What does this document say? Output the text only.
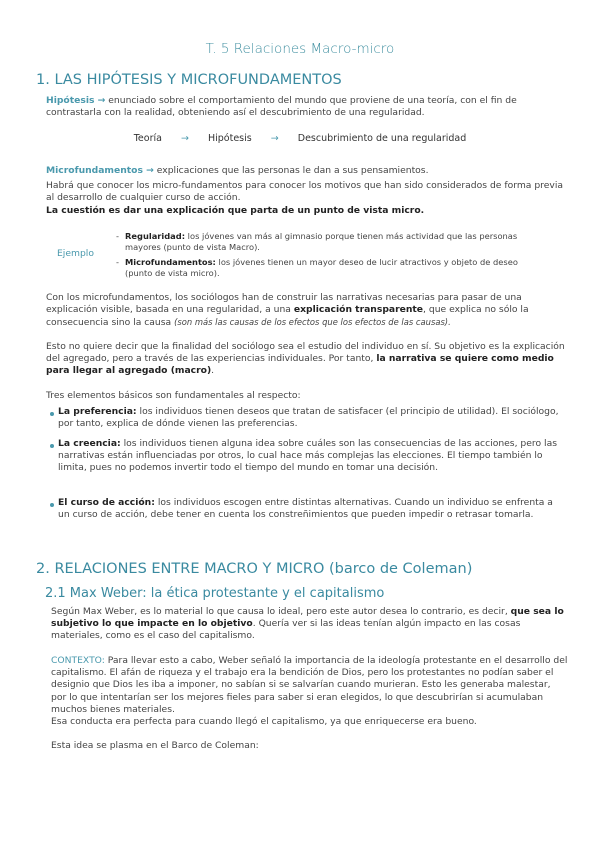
T. 5 Relaciones Macro-micro
1. LAS HIPÓTESIS Y MICROFUNDAMENTOS
Hipótesis → enunciado sobre el comportamiento del mundo que proviene de una teoría, con el fin de contrastarla con la realidad, obteniendo así el descubrimiento de una regularidad.
Teoría → Hipótesis → Descubrimiento de una regularidad
Microfundamentos → explicaciones que las personas le dan a sus pensamientos.
Habrá que conocer los micro-fundamentos para conocer los motivos que han sido considerados de forma previa al desarrollo de cualquier curso de acción.
La cuestión es dar una explicación que parta de un punto de vista micro.
Ejemplo
- Regularidad: los jóvenes van más al gimnasio porque tienen más actividad que las personas mayores (punto de vista Macro).
- Microfundamentos: los jóvenes tienen un mayor deseo de lucir atractivos y objeto de deseo (punto de vista micro).
Con los microfundamentos, los sociólogos han de construir las narrativas necesarias para pasar de una explicación visible, basada en una regularidad, a una explicación transparente, que explica no sólo la consecuencia sino la causa (son más las causas de los efectos que los efectos de las causas).
Esto no quiere decir que la finalidad del sociólogo sea el estudio del individuo en sí. Su objetivo es la explicación del agregado, pero a través de las experiencias individuales. Por tanto, la narrativa se quiere como medio para llegar al agregado (macro).
Tres elementos básicos son fundamentales al respecto:
La preferencia: los individuos tienen deseos que tratan de satisfacer (el principio de utilidad). El sociólogo, por tanto, explica de dónde vienen las preferencias.
La creencia: los individuos tienen alguna idea sobre cuáles son las consecuencias de las acciones, pero las narrativas están influenciadas por otros, lo cual hace más complejas las elecciones. El tiempo también lo limita, pues no podemos invertir todo el tiempo del mundo en tomar una decisión.
El curso de acción: los individuos escogen entre distintas alternativas. Cuando un individuo se enfrenta a un curso de acción, debe tener en cuenta los constreñimientos que pueden impedir o retrasar tomarla.
2. RELACIONES ENTRE MACRO Y MICRO (barco de Coleman)
2.1 Max Weber: la ética protestante y el capitalismo
Según Max Weber, es lo material lo que causa lo ideal, pero este autor desea lo contrario, es decir, que sea lo subjetivo lo que impacte en lo objetivo. Quería ver si las ideas tenían algún impacto en las cosas materiales, como es el caso del capitalismo.
CONTEXTO: Para llevar esto a cabo, Weber señaló la importancia de la ideología protestante en el desarrollo del capitalismo. El afán de riqueza y el trabajo era la bendición de Dios, pero los protestantes no podían saber el designio que Dios les iba a imponer, no sabían si se salvarían cuando murieran. Esto les generaba malestar, por lo que intentarían ser los mejores fieles para saber si eran elegidos, lo que descubrirían si acumulaban muchos bienes materiales.
Esa conducta era perfecta para cuando llegó el capitalismo, ya que enriquecerse era bueno.
Esta idea se plasma en el Barco de Coleman:
